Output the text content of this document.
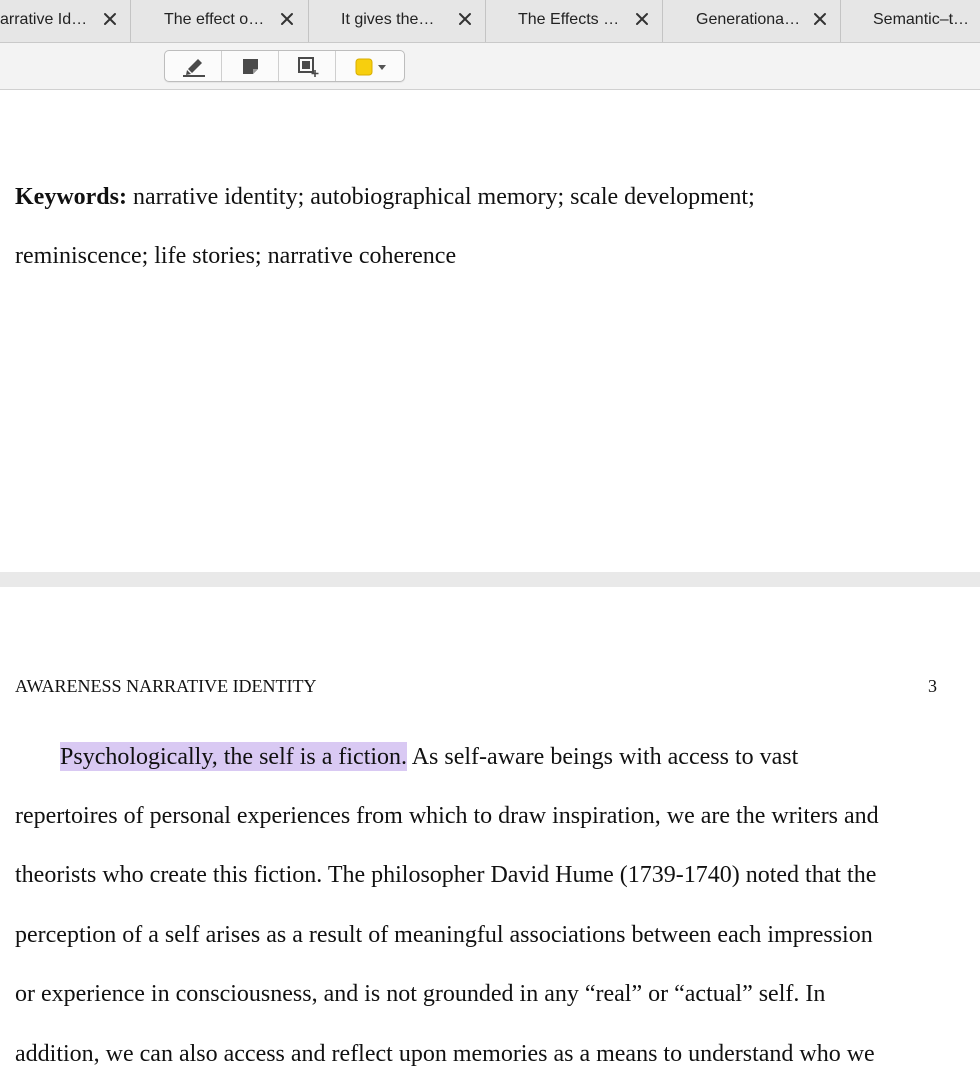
arrative Id…	The effect o…	It gives the…	The Effects …	Generationa…	Semantic–t…
Keywords: narrative identity; autobiographical memory; scale development;
reminiscence; life stories; narrative coherence
AWARENESS NARRATIVE IDENTITY	3
Psychologically, the self is a fiction. As self-aware beings with access to vast
repertoires of personal experiences from which to draw inspiration, we are the writers and
theorists who create this fiction. The philosopher David Hume (1739-1740) noted that the
perception of a self arises as a result of meaningful associations between each impression
or experience in consciousness, and is not grounded in any “real” or “actual” self. In
addition, we can also access and reflect upon memories as a means to understand who we
